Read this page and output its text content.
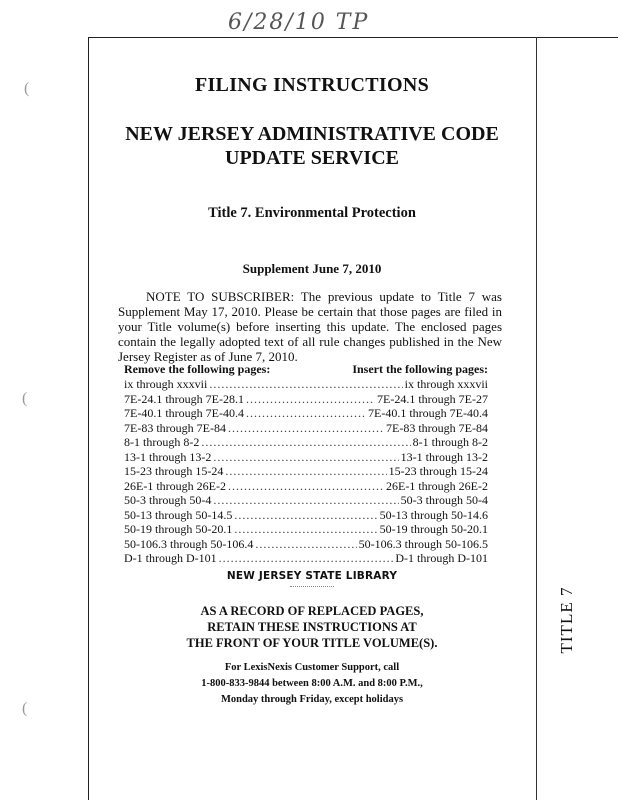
6/28/10 TP
(
(
(
FILING INSTRUCTIONS
NEW JERSEY ADMINISTRATIVE CODE
UPDATE SERVICE
Title 7. Environmental Protection
Supplement June 7, 2010
NOTE TO SUBSCRIBER: The previous update to Title 7 was Supplement May 17, 2010. Please be certain that those pages are filed in your Title volume(s) before inserting this update. The enclosed pages contain the legally adopted text of all rule changes published in the New Jersey Register as of June 7, 2010.
Remove the following pages:	Insert the following pages:
ix through xxxvii .....	ix through xxxvii
7E-24.1 through 7E-28.1 .....	7E-24.1 through 7E-27
7E-40.1 through 7E-40.4 .....	7E-40.1 through 7E-40.4
7E-83 through 7E-84 .....	7E-83 through 7E-84
8-1 through 8-2 .....	8-1 through 8-2
13-1 through 13-2 .....	13-1 through 13-2
15-23 through 15-24 .....	15-23 through 15-24
26E-1 through 26E-2 .....	26E-1 through 26E-2
50-3 through 50-4 .....	50-3 through 50-4
50-13 through 50-14.5 .....	50-13 through 50-14.6
50-19 through 50-20.1 .....	50-19 through 50-20.1
50-106.3 through 50-106.4 .....	50-106.3 through 50-106.5
D-1 through D-101 .....	D-1 through D-101
NEW JERSEY STATE LIBRARY
AS A RECORD OF REPLACED PAGES,
RETAIN THESE INSTRUCTIONS AT
THE FRONT OF YOUR TITLE VOLUME(S).
For LexisNexis Customer Support, call
1-800-833-9844 between 8:00 A.M. and 8:00 P.M.,
Monday through Friday, except holidays
TITLE 7
